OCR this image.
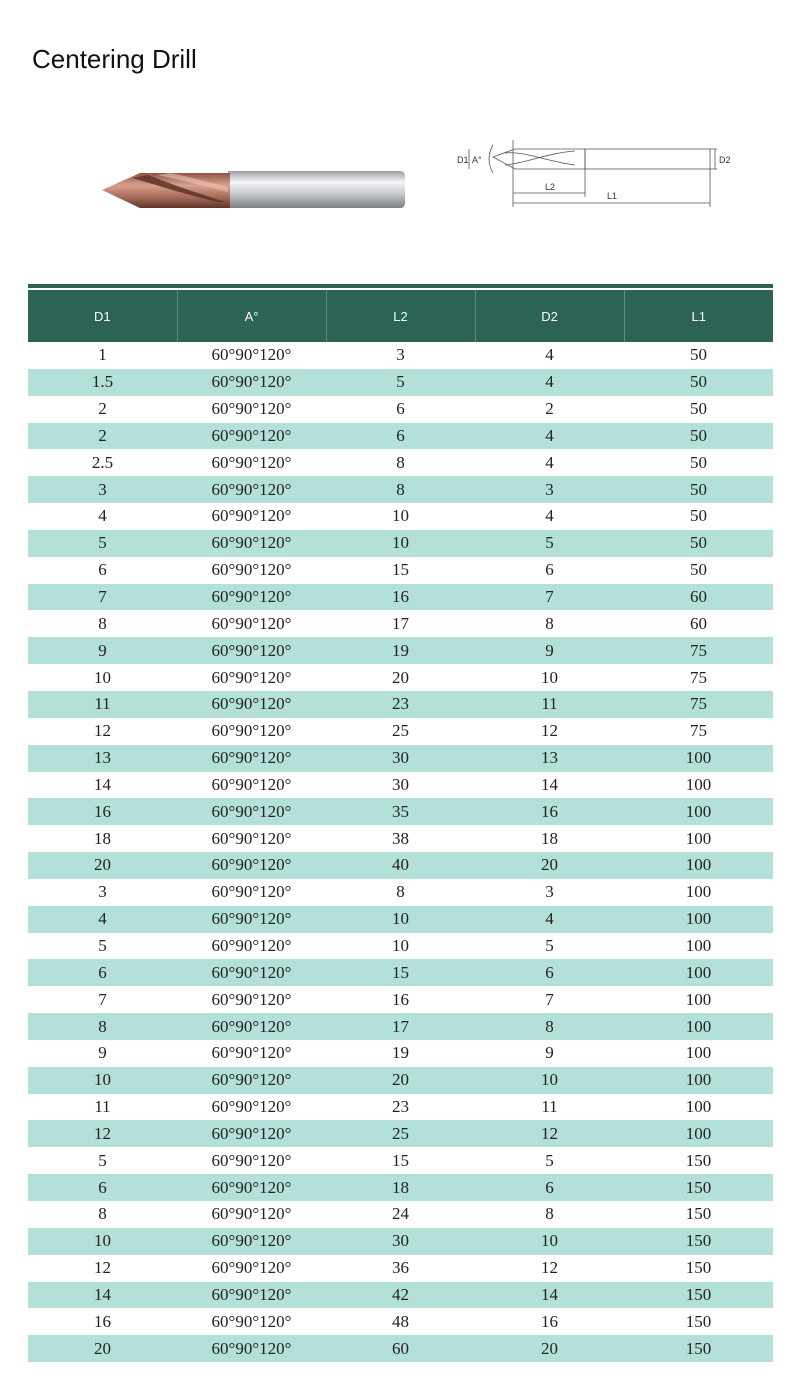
Centering Drill
D1 A°
L2
L1
D2
D1	A°	L2	D2	L1
1	60°90°120°	3	4	50
1.5	60°90°120°	5	4	50
2	60°90°120°	6	2	50
2	60°90°120°	6	4	50
2.5	60°90°120°	8	4	50
3	60°90°120°	8	3	50
4	60°90°120°	10	4	50
5	60°90°120°	10	5	50
6	60°90°120°	15	6	50
7	60°90°120°	16	7	60
8	60°90°120°	17	8	60
9	60°90°120°	19	9	75
10	60°90°120°	20	10	75
11	60°90°120°	23	11	75
12	60°90°120°	25	12	75
13	60°90°120°	30	13	100
14	60°90°120°	30	14	100
16	60°90°120°	35	16	100
18	60°90°120°	38	18	100
20	60°90°120°	40	20	100
3	60°90°120°	8	3	100
4	60°90°120°	10	4	100
5	60°90°120°	10	5	100
6	60°90°120°	15	6	100
7	60°90°120°	16	7	100
8	60°90°120°	17	8	100
9	60°90°120°	19	9	100
10	60°90°120°	20	10	100
11	60°90°120°	23	11	100
12	60°90°120°	25	12	100
5	60°90°120°	15	5	150
6	60°90°120°	18	6	150
8	60°90°120°	24	8	150
10	60°90°120°	30	10	150
12	60°90°120°	36	12	150
14	60°90°120°	42	14	150
16	60°90°120°	48	16	150
20	60°90°120°	60	20	150
